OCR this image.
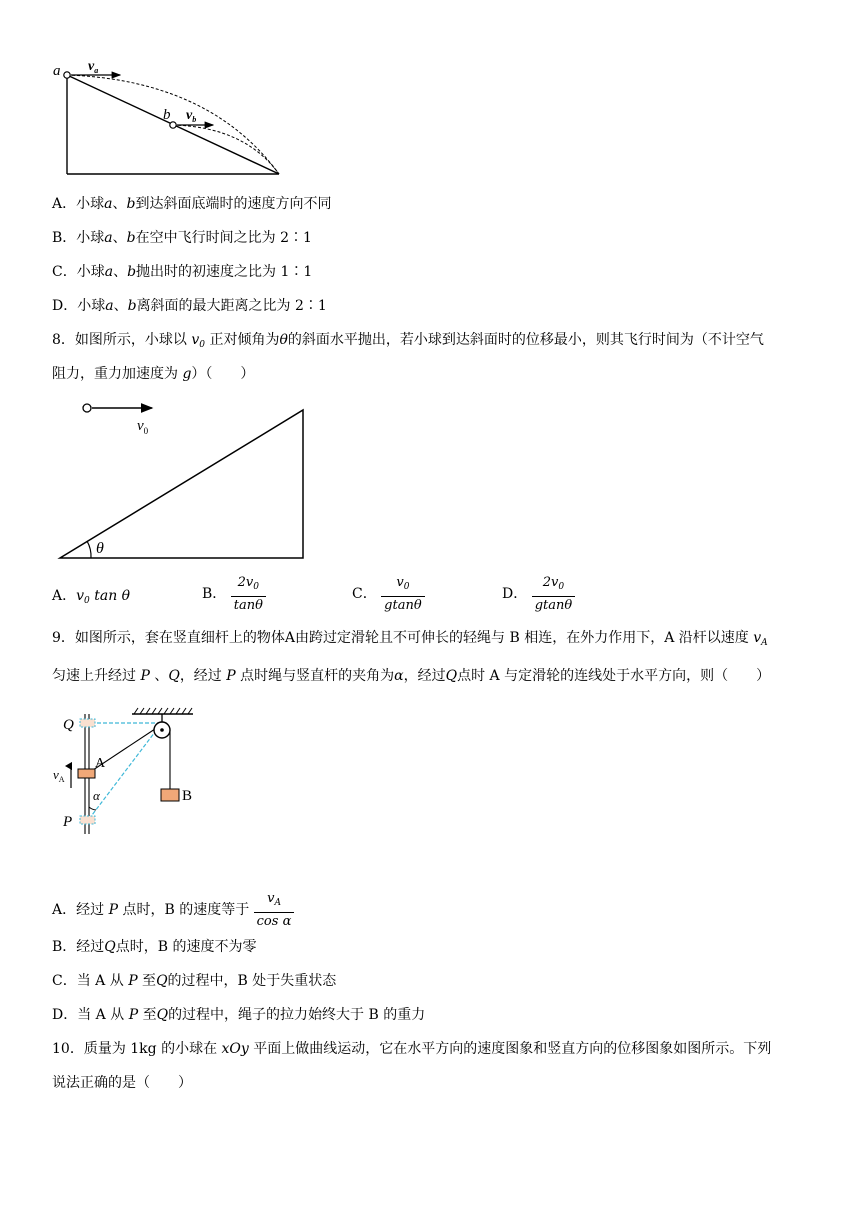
a $v_a$
b $v_b$
A．小球a、b到达斜面底端时的速度方向不同
B．小球a、b在空中飞行时间之比为 2∶1
C．小球a、b抛出时的初速度之比为 1∶1
D．小球a、b离斜面的最大距离之比为 2∶1
8．如图所示，小球以 $v_0$ 正对倾角为θ的斜面水平抛出，若小球到达斜面时的位移最小，则其飞行时间为（不计空气
阻力，重力加速度为 g）（　　）
$v_0$
θ
A．$v_0$ tan θ	B． $\frac{2v_0}{\tan\theta}$	C． $\frac{v_0}{gtan\theta}$	D． $\frac{2v_0}{gtan\theta}$
9．如图所示，套在竖直细杆上的物体A由跨过定滑轮且不可伸长的轻绳与 B 相连，在外力作用下，A 沿杆以速度 $v_A$
匀速上升经过 P 、Q，经过 P 点时绳与竖直杆的夹角为α，经过Q点时 A 与定滑轮的连线处于水平方向，则（　　）
Q
A
$v_A$
α
P
B
A．经过 P 点时，B 的速度等于 $\frac{v_A}{\text{cos α}}$
B．经过Q点时，B 的速度不为零
C．当 A 从 P 至Q的过程中，B 处于失重状态
D．当 A 从 P 至Q的过程中，绳子的拉力始终大于 B 的重力
10．质量为 1kg 的小球在 xOy 平面上做曲线运动，它在水平方向的速度图象和竖直方向的位移图象如图所示。下列
说法正确的是（　　）
